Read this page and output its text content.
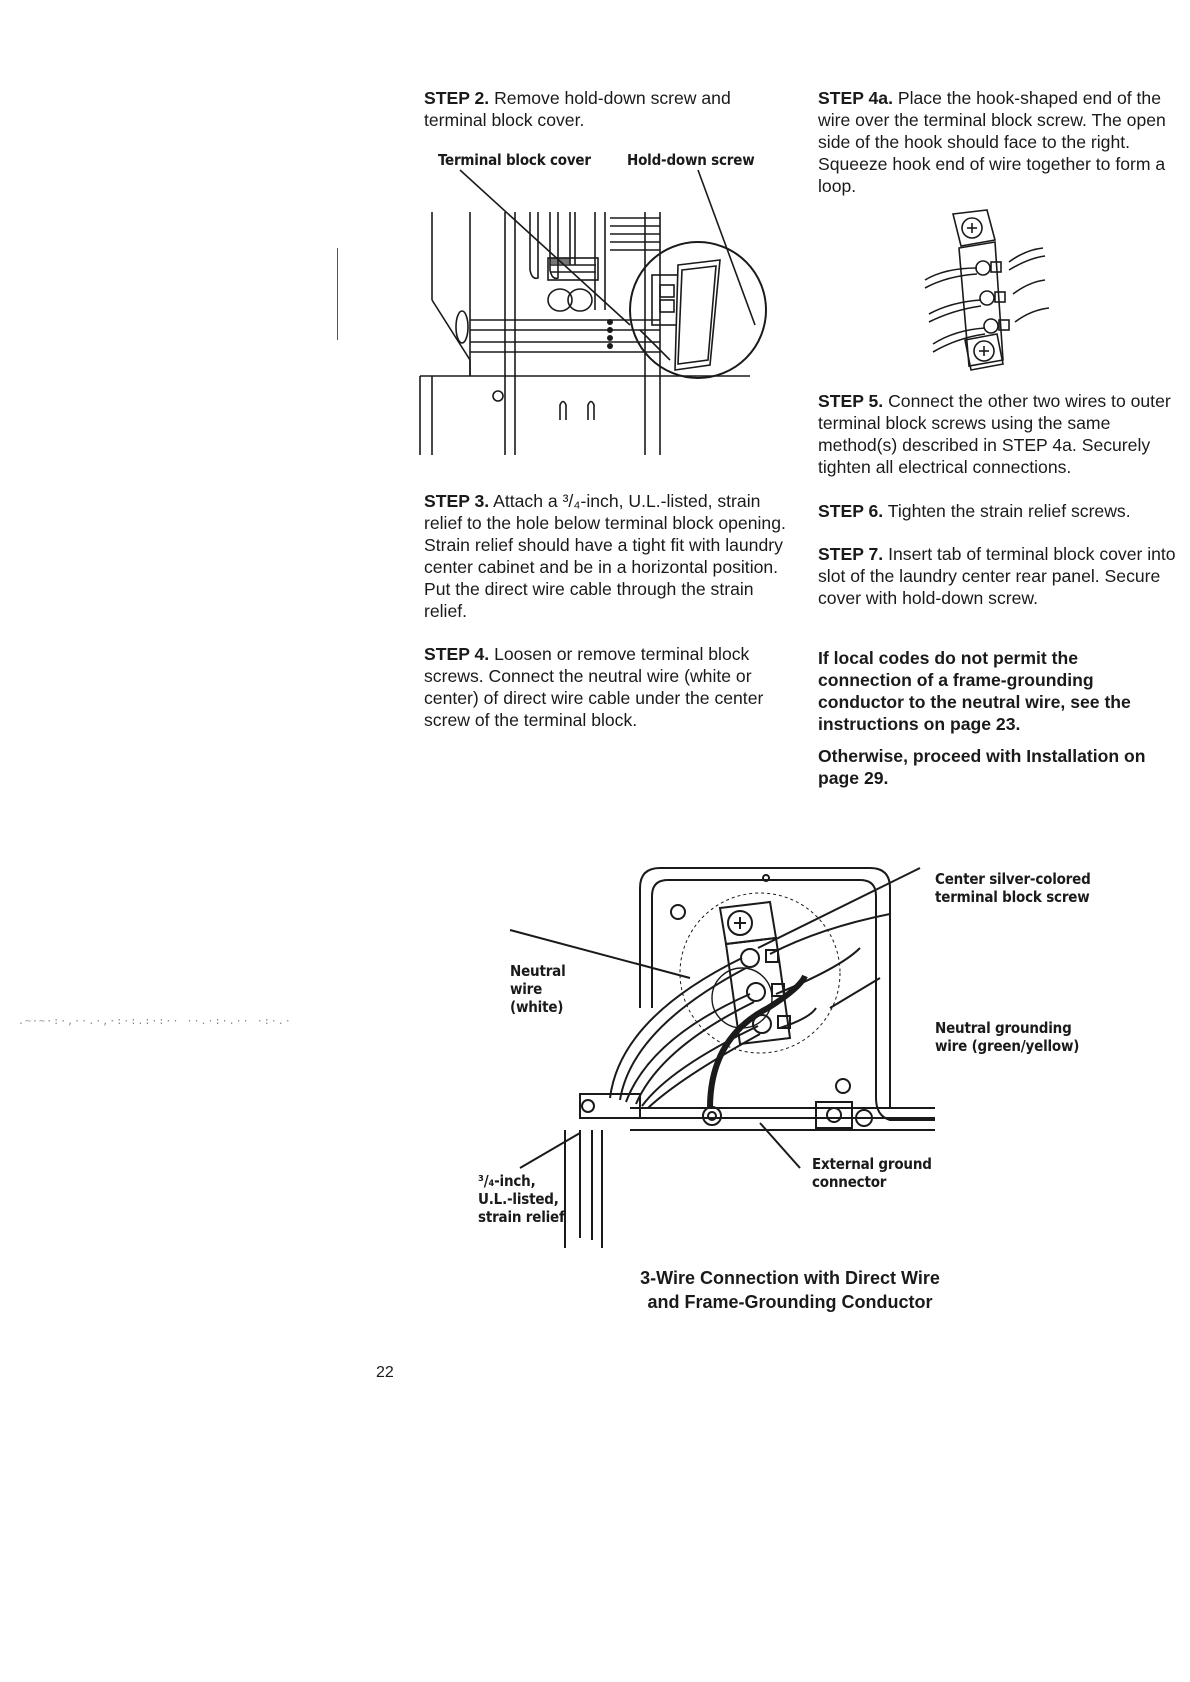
.~·~·:·,··.·,·:·:.:·:·· ··.·:·.·· ·:·.·
STEP 2. Remove hold-down screw and terminal block cover.
Terminal block cover Hold-down screw
STEP 3. Attach a ³/₄-inch, U.L.-listed, strain relief to the hole below terminal block opening. Strain relief should have a tight fit with laundry center cabinet and be in a horizontal position. Put the direct wire cable through the strain relief.
STEP 4. Loosen or remove terminal block screws. Connect the neutral wire (white or center) of direct wire cable under the center screw of the terminal block.
STEP 4a. Place the hook-shaped end of the wire over the terminal block screw. The open side of the hook should face to the right. Squeeze hook end of wire together to form a loop.
STEP 5. Connect the other two wires to outer terminal block screws using the same method(s) described in STEP 4a. Securely tighten all electrical connections.
STEP 6. Tighten the strain relief screws.
STEP 7. Insert tab of terminal block cover into slot of the laundry center rear panel. Secure cover with hold-down screw.
If local codes do not permit the connection of a frame-grounding conductor to the neutral wire, see the instructions on page 23.
Otherwise, proceed with Installation on page 29.
Center silver-colored
terminal block screw
Neutral
wire
(white)
Neutral grounding
wire (green/yellow)
External ground
connector
³/₄-inch,
U.L.-listed,
strain relief
3-Wire Connection with Direct Wire
and Frame-Grounding Conductor
22
